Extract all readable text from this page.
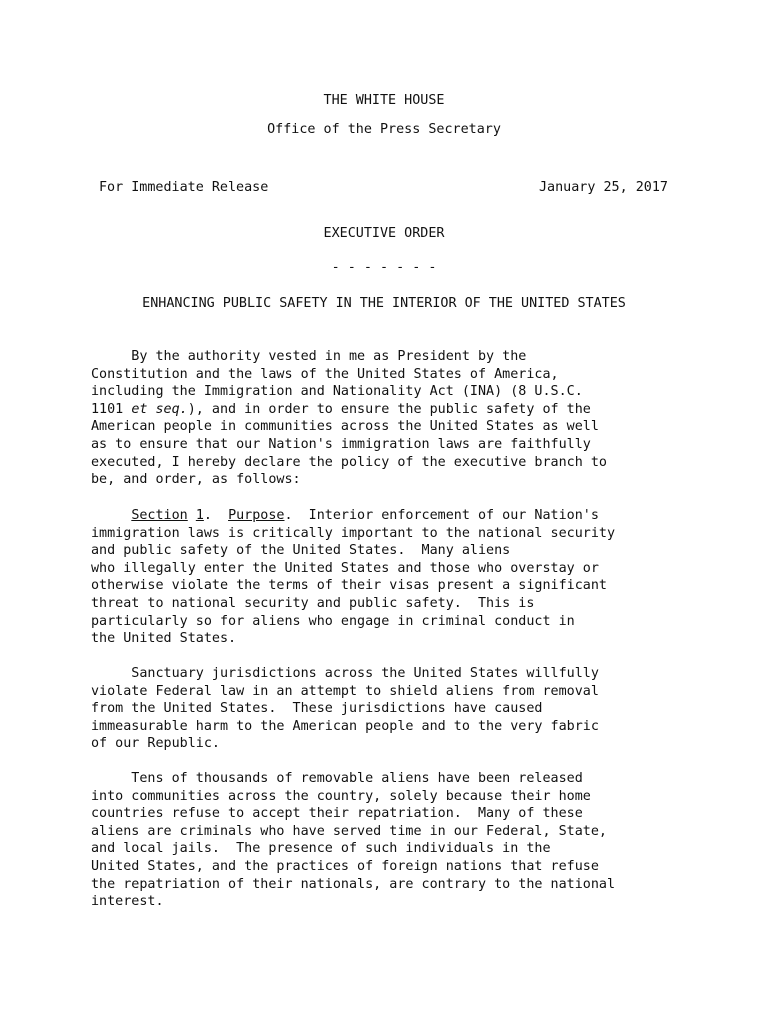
THE WHITE HOUSE
Office of the Press Secretary
For Immediate Release	January 25, 2017
EXECUTIVE ORDER
- - - - - - -
ENHANCING PUBLIC SAFETY IN THE INTERIOR OF THE UNITED STATES
By the authority vested in me as President by the
Constitution and the laws of the United States of America,
including the Immigration and Nationality Act (INA) (8 U.S.C.
1101 et seq.), and in order to ensure the public safety of the
American people in communities across the United States as well
as to ensure that our Nation's immigration laws are faithfully
executed, I hereby declare the policy of the executive branch to
be, and order, as follows:
Section 1.  Purpose.  Interior enforcement of our Nation's
immigration laws is critically important to the national security
and public safety of the United States.  Many aliens
who illegally enter the United States and those who overstay or
otherwise violate the terms of their visas present a significant
threat to national security and public safety.  This is
particularly so for aliens who engage in criminal conduct in
the United States.
Sanctuary jurisdictions across the United States willfully
violate Federal law in an attempt to shield aliens from removal
from the United States.  These jurisdictions have caused
immeasurable harm to the American people and to the very fabric
of our Republic.
Tens of thousands of removable aliens have been released
into communities across the country, solely because their home
countries refuse to accept their repatriation.  Many of these
aliens are criminals who have served time in our Federal, State,
and local jails.  The presence of such individuals in the
United States, and the practices of foreign nations that refuse
the repatriation of their nationals, are contrary to the national
interest.
